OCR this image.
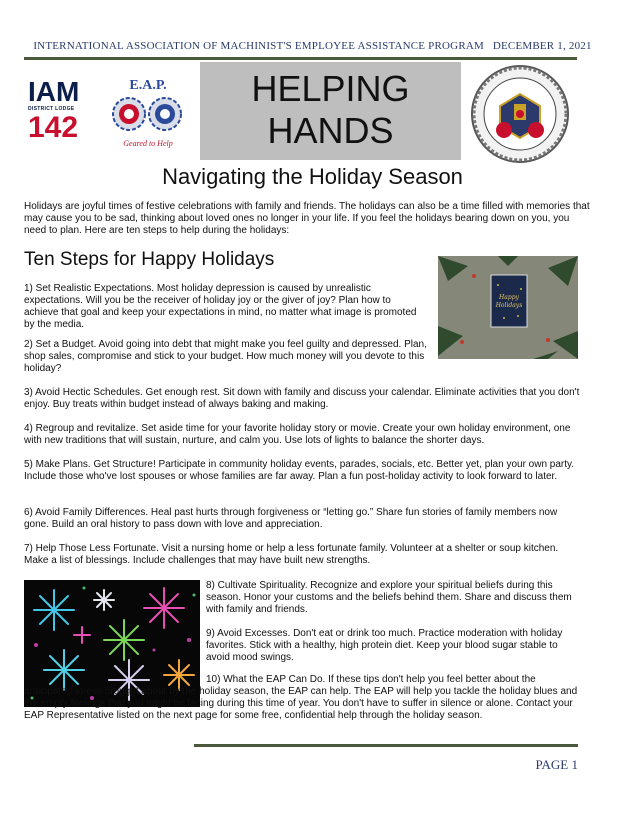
INTERNATIONAL ASSOCIATION OF MACHINIST'S EMPLOYEE ASSISTANCE PROGRAM DECEMBER 1, 2021
IAM
DISTRICT LODGE
142
E.A.P.
Geared to Help
HELPING
HANDS
Navigating the Holiday Season
Holidays are joyful times of festive celebrations with family and friends. The holidays can also be a time filled with memories that may cause you to be sad, thinking about loved ones no longer in your life. If you feel the holidays bearing down on you, you need to plan. Here are ten steps to help during the holidays:
Ten Steps for Happy Holidays
Happy
Holidays
1) Set Realistic Expectations. Most holiday depression is caused by unrealistic expectations. Will you be the receiver of holiday joy or the giver of joy? Plan how to achieve that goal and keep your expectations in mind, no matter what image is promoted by the media.
2) Set a Budget. Avoid going into debt that might make you feel guilty and depressed. Plan, shop sales, compromise and stick to your budget. How much money will you devote to this holiday?
3) Avoid Hectic Schedules. Get enough rest. Sit down with family and discuss your calendar. Eliminate activities that you don't enjoy. Buy treats within budget instead of always baking and making.
4) Regroup and revitalize. Set aside time for your favorite holiday story or movie. Create your own holiday environment, one with new traditions that will sustain, nurture, and calm you. Use lots of lights to balance the shorter days.
5) Make Plans. Get Structure! Participate in community holiday events, parades, socials, etc. Better yet, plan your own party. Include those who've lost spouses or whose families are far away. Plan a fun post-holiday activity to look forward to later.
6) Avoid Family Differences. Heal past hurts through forgiveness or “letting go.” Share fun stories of family members now gone. Build an oral history to pass down with love and appreciation.
7) Help Those Less Fortunate. Visit a nursing home or help a less fortunate family. Volunteer at a shelter or soup kitchen. Make a list of blessings. Include challenges that may have built new strengths.
8) Cultivate Spirituality. Recognize and explore your spiritual beliefs during this season. Honor your customs and the beliefs behind them. Share and discuss them with family and friends.
9) Avoid Excesses. Don't eat or drink too much. Practice moderation with holiday favorites. Stick with a healthy, high protein diet. Keep your blood sugar stable to avoid mood swings.
10) What the EAP Can Do. If these tips don't help you feel better about the anticipated stress brought about by the holiday season, the EAP can help. The EAP will help you tackle the holiday blues and the empty feelings that you might be facing during this time of year. You don't have to suffer in silence or alone. Contact your EAP Representative listed on the next page for some free, confidential help through the holiday season.
PAGE 1
